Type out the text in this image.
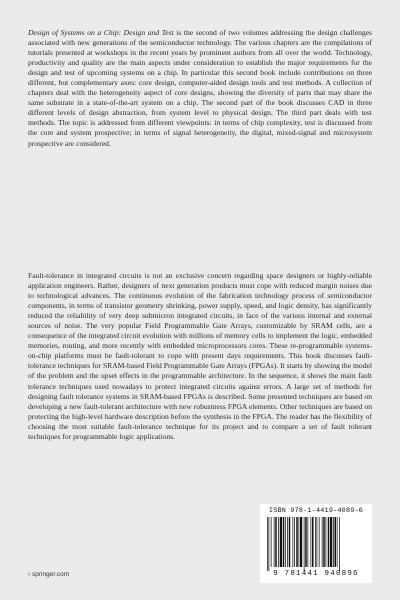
Design of Systems on a Chip: Design and Test is the second of two volumes addressing the design challenges associated with new generations of the semiconductor technology. The various chapters are the compilations of tutorials presented at workshops in the recent years by prominent authors from all over the world. Technology, productivity and quality are the main aspects under consideration to establish the major requirements for the design and test of upcoming systems on a chip. In particular this second book include contributions on three different, but complementary axes: core design, computer-aided design tools and test methods. A collection of chapters deal with the heterogeneity aspect of core designs, showing the diversity of parts that may share the same substrate in a state-of-the-art system on a chip. The second part of the book discusses CAD in three different levels of design abstraction, from system level to physical design. The third part deals with test methods. The topic is addressed from different viewpoints: in terms of chip complexity, test is discussed from the core and system prospective; in terms of signal heterogeneity, the digital, mixed-signal and microsystem prospective are considered.

Fault-tolerance in integrated circuits is not an exclusive concern regarding space designers or highly-reliable application engineers. Rather, designers of next generation products must cope with reduced margin noises due to technological advances. The continuous evolution of the fabrication technology process of semiconductor components, in terms of transistor geometry shrinking, power supply, speed, and logic density, has significantly reduced the reliability of very deep submicron integrated circuits, in face of the various internal and external sources of noise. The very popular Field Programmable Gate Arrays, customizable by SRAM cells, are a consequence of the integrated circuit evolution with millions of memory cells to implement the logic, embedded memories, routing, and more recently with embedded microprocessors cores. These re-programmable systems-on-chip platforms must be fault-tolerant to cope with present days requirements. This book discusses fault-tolerance techniques for SRAM-based Field Programmable Gate Arrays (FPGAs). It starts by showing the model of the problem and the upset effects in the programmable architecture. In the sequence, it shows the main fault tolerance techniques used nowadays to protect integrated circuits against errors. A large set of methods for designing fault tolerance systems in SRAM-based FPGAs is described. Some presented techniques are based on developing a new fault-tolerant architecture with new robustness FPGA elements. Other techniques are based on protecting the high-level hardware description before the synthesis in the FPGA. The reader has the flexibility of choosing the most suitable fault-tolerance technique for its project and to compare a set of fault tolerant techniques for programmable logic applications.

› springer.com
ISBN 978-1-4419-4089-6
9 781441 940896
